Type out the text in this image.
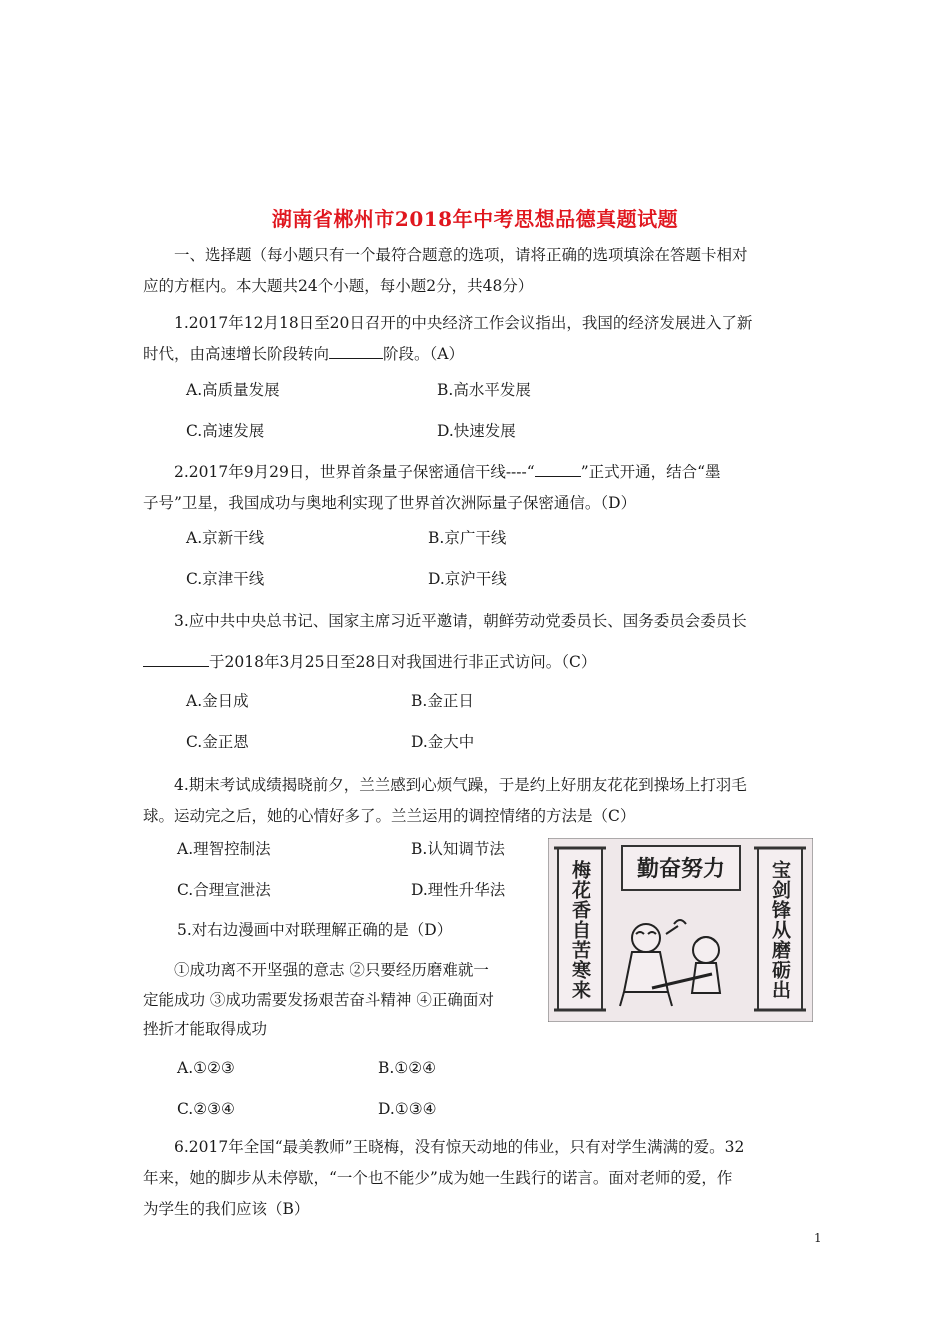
湖南省郴州市2018年中考思想品德真题试题
一、选择题（每小题只有一个最符合题意的选项，请将正确的选项填涂在答题卡相对
应的方框内。本大题共24个小题，每小题2分，共48分）
1.2017年12月18日至20日召开的中央经济工作会议指出，我国的经济发展进入了新
时代，由高速增长阶段转向	阶段。（A）
A.高质量发展	B.高水平发展
C.高速发展	D.快速发展
2.2017年9月29日，世界首条量子保密通信干线----“	”正式开通，结合“墨
子号”卫星，我国成功与奥地利实现了世界首次洲际量子保密通信。（D）
A.京新干线	B.京广干线
C.京津干线	D.京沪干线
3.应中共中央总书记、国家主席习近平邀请，朝鲜劳动党委员长、国务委员会委员长
于2018年3月25日至28日对我国进行非正式访问。（C）
A.金日成	B.金正日
C.金正恩	D.金大中
4.期末考试成绩揭晓前夕，兰兰感到心烦气躁，于是约上好朋友花花到操场上打羽毛
球。运动完之后，她的心情好多了。兰兰运用的调控情绪的方法是（C）
A.理智控制法	B.认知调节法
C.合理宣泄法	D.理性升华法
5.对右边漫画中对联理解正确的是（D）
①成功离不开坚强的意志 ②只要经历磨难就一
定能成功 ③成功需要发扬艰苦奋斗精神 ④正确面对
挫折才能取得成功
A.①②③	B.①②④
C.②③④	D.①③④
梅花香自苦寒来 勤奋努力 宝剑锋从磨砺出
6.2017年全国“最美教师”王晓梅，没有惊天动地的伟业，只有对学生满满的爱。32
年来，她的脚步从未停歇，“一个也不能少”成为她一生践行的诺言。面对老师的爱，作
为学生的我们应该（B）
1
